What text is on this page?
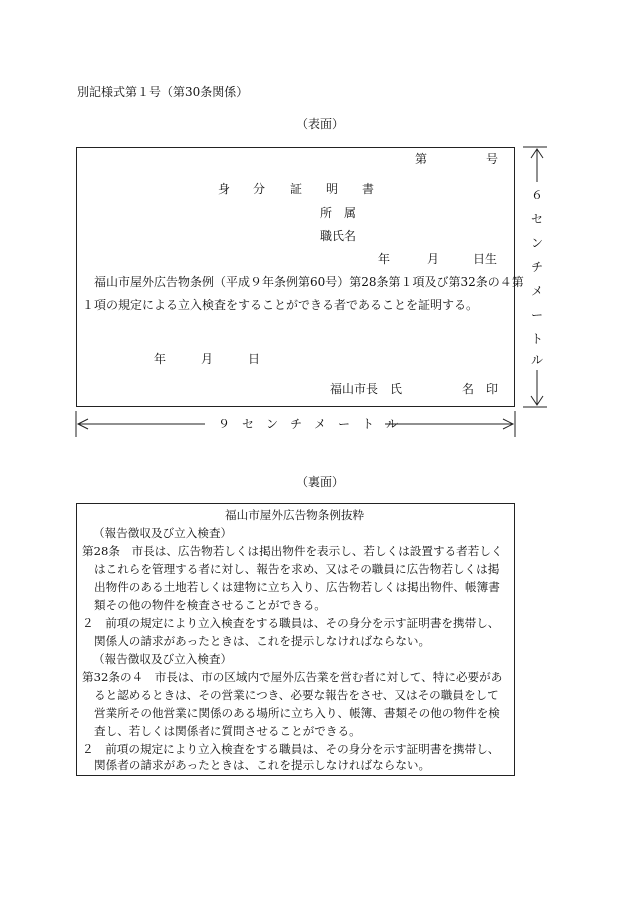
別記様式第１号（第30条関係）
（表面）
第	号
身 分 証 明 書
所　属
職氏名
年	月	日生
福山市屋外広告物条例（平成９年条例第60号）第28条第１項及び第32条の４第
１項の規定による立入検査をすることができる者であることを証明する。
年	月	日
福山市長　氏	名 印
６
セ
ン
チ
メ
ー
ト
ル
９　セ　ン　チ　メ　ー　ト　ル
（裏面）
福山市屋外広告物条例抜粋
（報告徴収及び立入検査）
第28条　市長は、広告物若しくは掲出物件を表示し、若しくは設置する者若しく
はこれらを管理する者に対し、報告を求め、又はその職員に広告物若しくは掲
出物件のある土地若しくは建物に立ち入り、広告物若しくは掲出物件、帳簿書
類その他の物件を検査させることができる。
２　前項の規定により立入検査をする職員は、その身分を示す証明書を携帯し、
関係人の請求があったときは、これを提示しなければならない。
（報告徴収及び立入検査）
第32条の４　市長は、市の区域内で屋外広告業を営む者に対して、特に必要があ
ると認めるときは、その営業につき、必要な報告をさせ、又はその職員をして
営業所その他営業に関係のある場所に立ち入り、帳簿、書類その他の物件を検
査し、若しくは関係者に質問させることができる。
２　前項の規定により立入検査をする職員は、その身分を示す証明書を携帯し、
関係者の請求があったときは、これを提示しなければならない。
